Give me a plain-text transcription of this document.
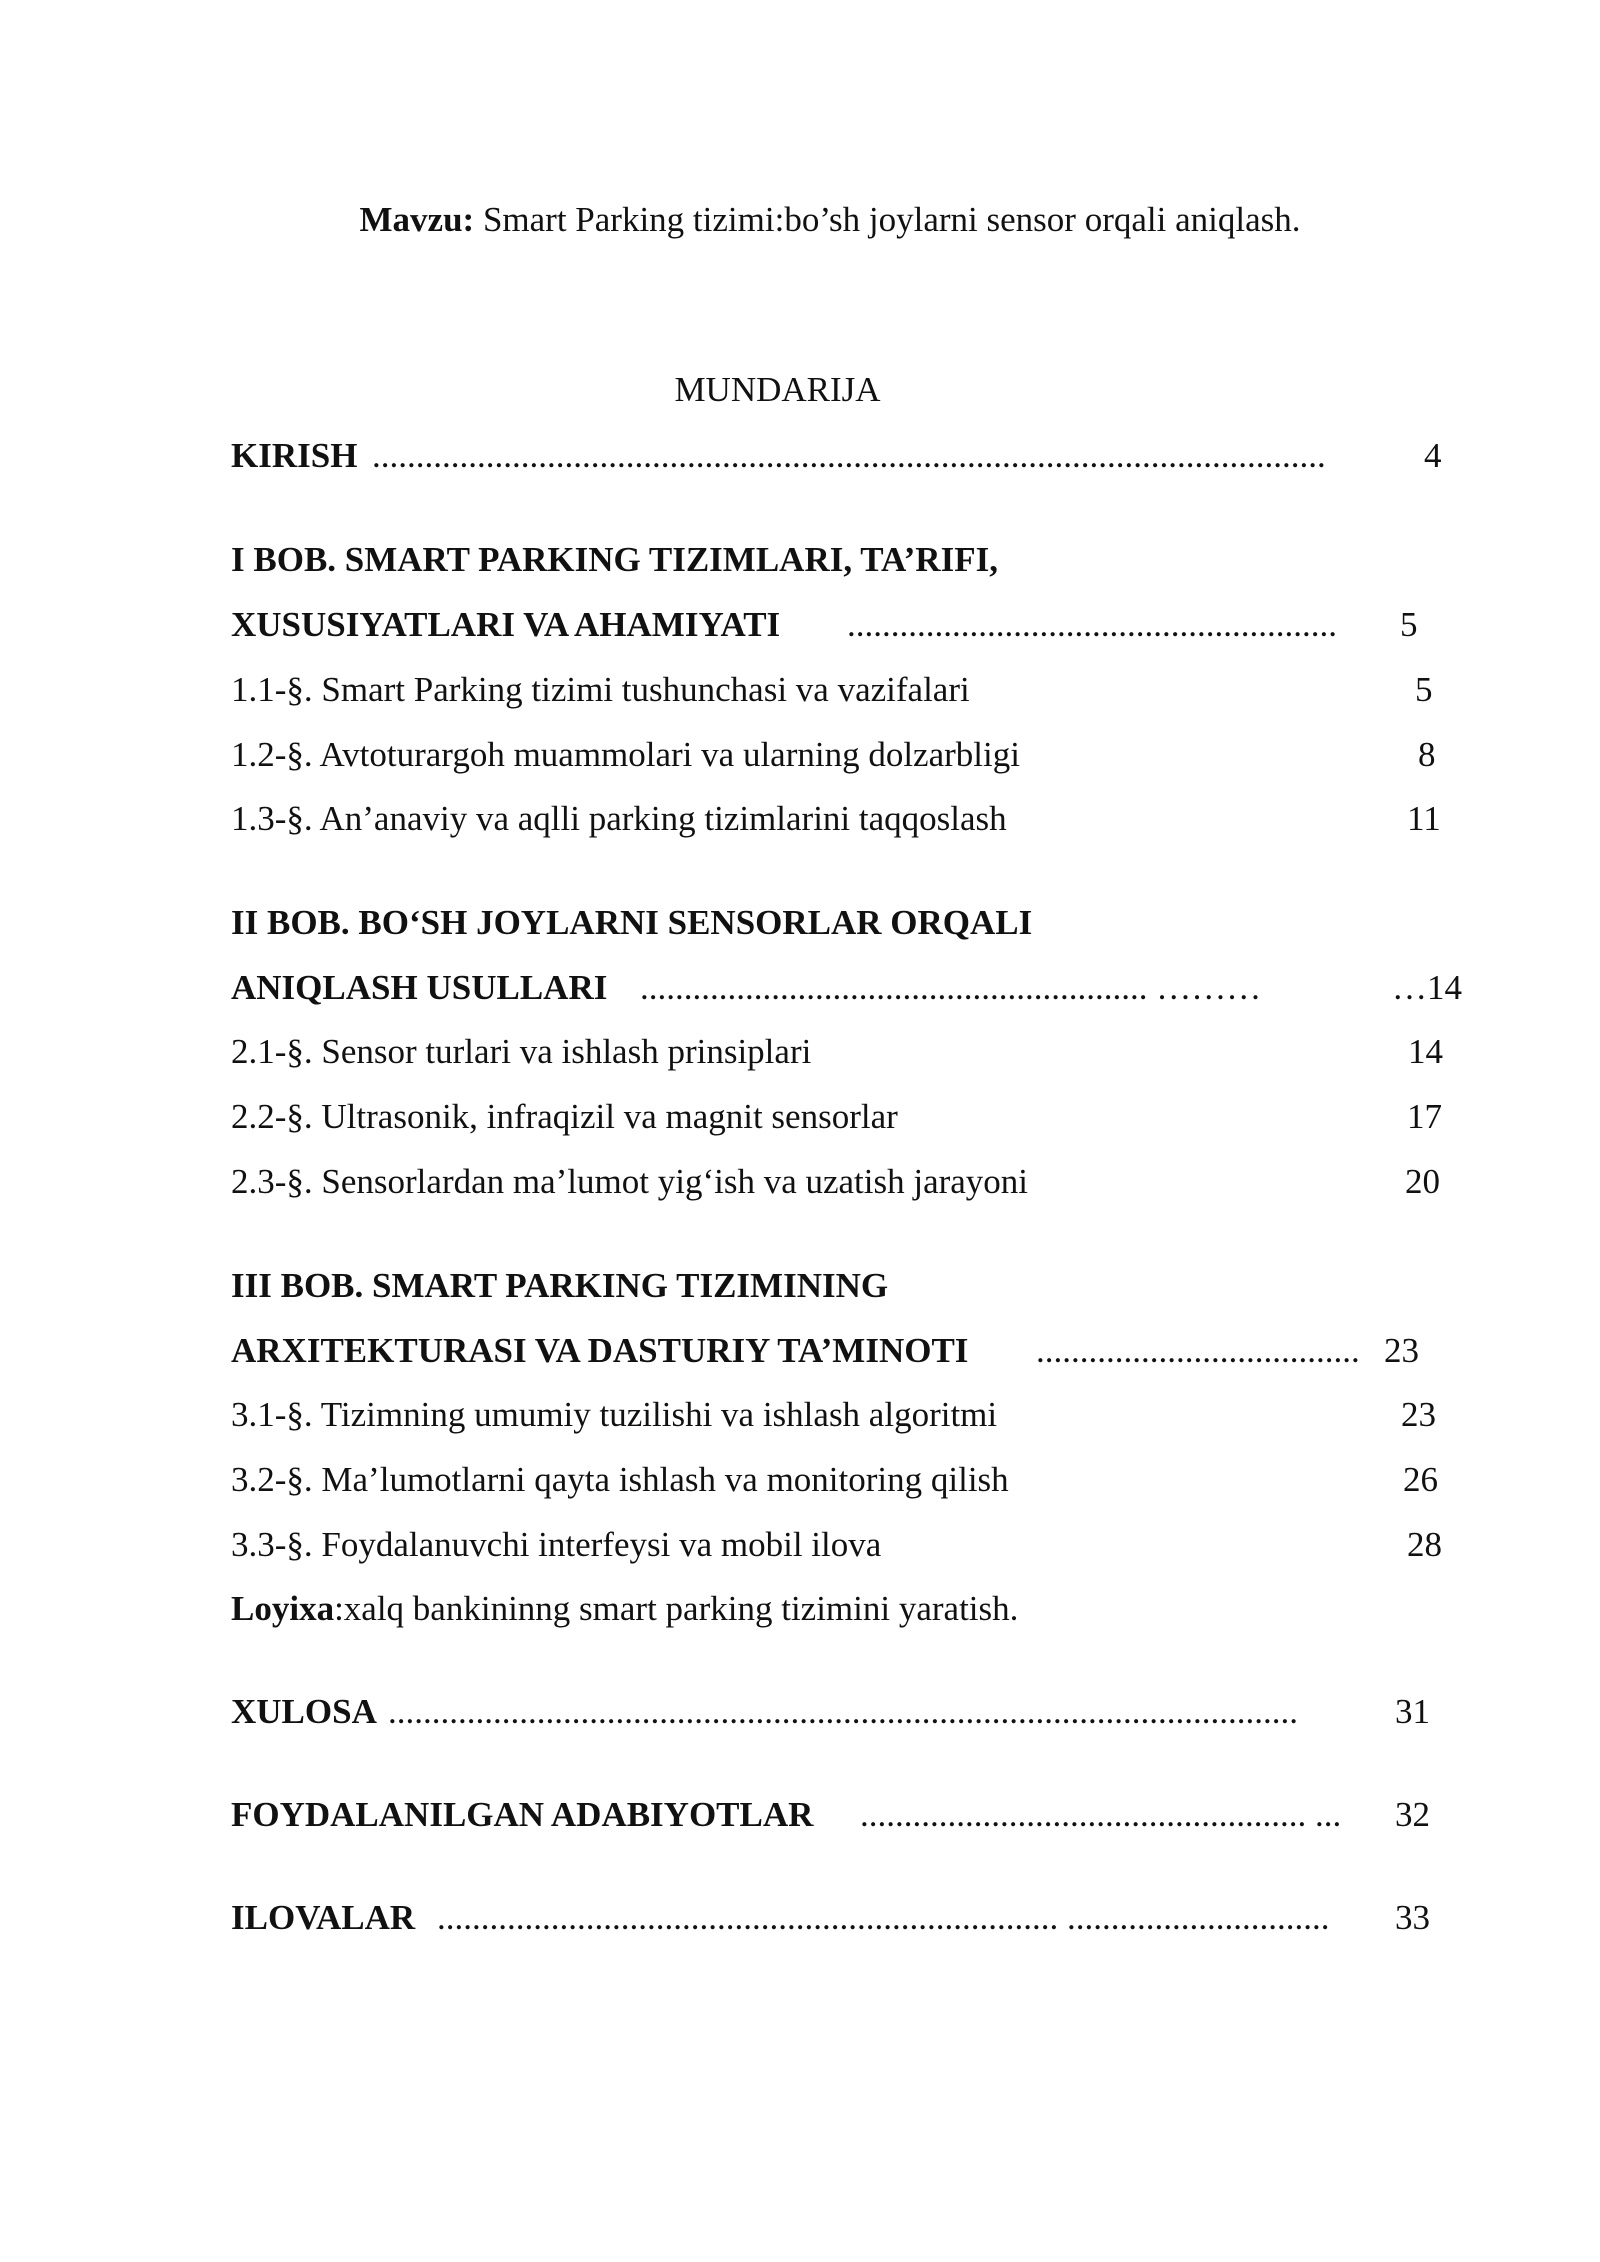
Mavzu: Smart Parking tizimi:bo’sh joylarni sensor orqali aniqlash.
MUNDARIJA
KIRISH .............................................................................................................	4
I BOB. SMART PARKING TIZIMLARI, TA’RIFI,
XUSUSIYATLARI VA AHAMIYATI ........................................................	5
1.1-§. Smart Parking tizimi tushunchasi va vazifalari	5
1.2-§. Avtoturargoh muammolari va ularning dolzarbligi	8
1.3-§. An’anaviy va aqlli parking tizimlarini taqqoslash	11
II BOB. BO‘SH JOYLARNI SENSORLAR ORQALI
ANIQLASH USULLARI .......................................................... ………	…14
2.1-§. Sensor turlari va ishlash prinsiplari	14
2.2-§. Ultrasonik, infraqizil va magnit sensorlar	17
2.3-§. Sensorlardan ma’lumot yig‘ish va uzatish jarayoni	20
III BOB. SMART PARKING TIZIMINING
ARXITEKTURASI VA DASTURIY TA’MINOTI ..................................... 23
3.1-§. Tizimning umumiy tuzilishi va ishlash algoritmi	23
3.2-§. Ma’lumotlarni qayta ishlash va monitoring qilish	26
3.3-§. Foydalanuvchi interfeysi va mobil ilova	28
Loyixa:xalq bankininng smart parking tizimini yaratish.
XULOSA ........................................................................................................	31
FOYDALANILGAN ADABIYOTLAR ................................................... ...	32
ILOVALAR ....................................................................... ..............................	33
